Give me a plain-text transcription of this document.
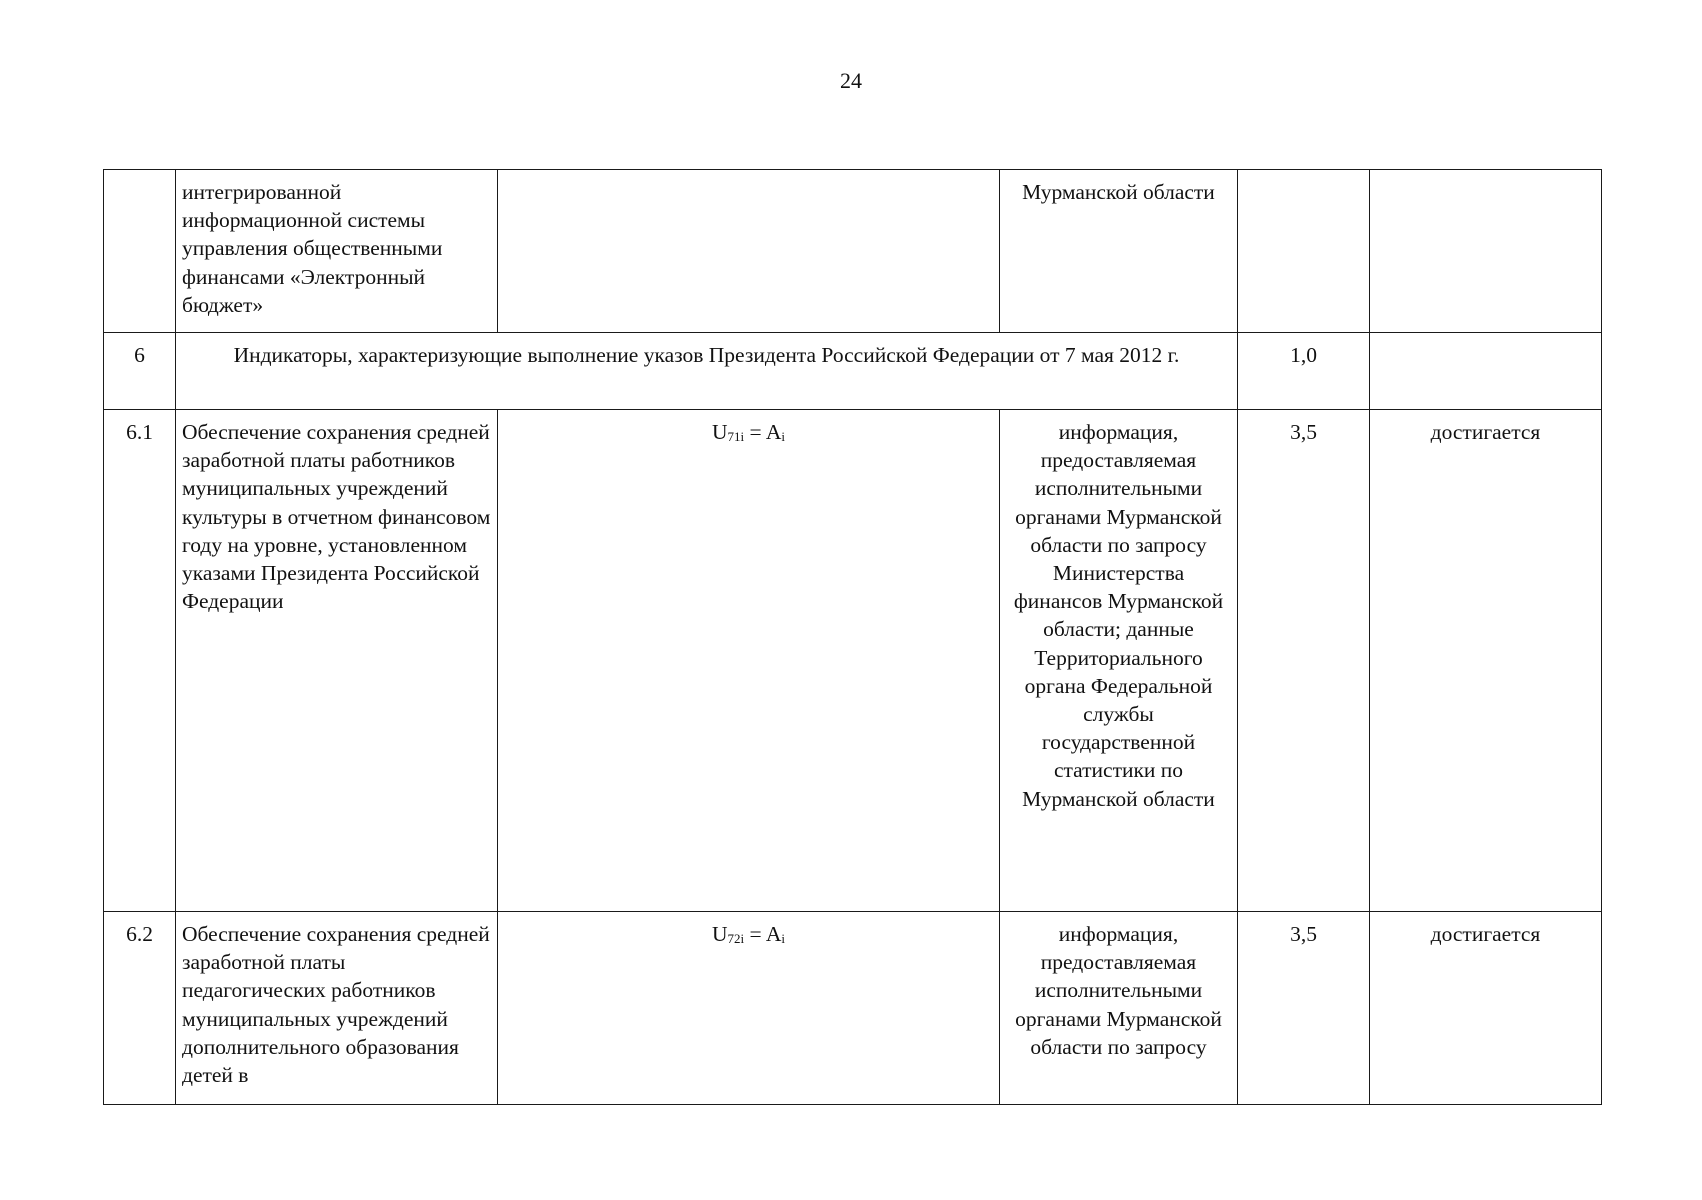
24
	интегрированной информационной системы управления общественными финансами «Электронный бюджет»		Мурманской области		
6	Индикаторы, характеризующие выполнение указов Президента Российской Федерации от 7 мая 2012 г.			1,0	
6.1	Обеспечение сохранения средней заработной платы работников муниципальных учреждений культуры в отчетном финансовом году на уровне, установленном указами Президента Российской Федерации	U71i = Ai	информация, предоставляемая исполнительными органами Мурманской области по запросу Министерства финансов Мурманской области; данные Территориального органа Федеральной службы государственной статистики по Мурманской области	3,5	достигается
6.2	Обеспечение сохранения средней заработной платы педагогических работников муниципальных учреждений дополнительного образования детей в	U72i = Ai	информация, предоставляемая исполнительными органами Мурманской области по запросу	3,5	достигается
